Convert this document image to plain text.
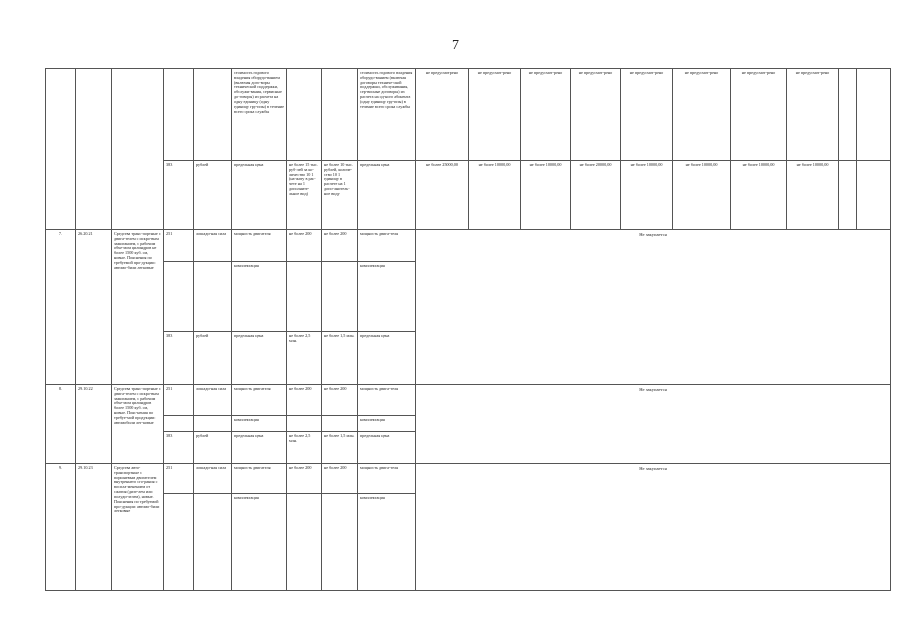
7
					стоимость годового владения оборудо-ванием (включая дого-воры технической поддержки, обслужи-вания, сервисные до-говоры) из расчета на одну единицу (одну единицу гру-ппы) в течение всего срока службы			стоимость годового владения оборудо-ванием (включая договоры техниче-ской поддержки, обслуживания, сер-висные договоры) из расчета на од-ного абонента (одну единицу гру-ппы) в течение всего срока службы	не предусмотрено	не предусмот-рено	не предусмот-рено	не предусмот-рено	не предусмот-рено	не предусмот-рено	не предусмот-рено	не предусмот-рено		
			383	рублей	предельная цена	не более 15 тыс. руб-лей за ко-личество 10 1 (на-жату в рас-чете на 1 дополните-льное вид)	не более 10 тыс. рублей, количе-ство 10 1 единицу в расчете на 1 допо-лнитель-ное виду	предельная цена	не более 25000,00	не более 10000,00	не более 10000,00	не более 20000,00	не более 10000,00	не более 10000,00	не более 10000,00	не более 10000,00		
7.	26.20.21	Средства транс-портные с двига-телем с искро-вым зажиганием, с рабочим объе-мом цилиндров не более 1500 куб. см, новые. Пояснения по требуемой про-дукции: автомо-били легковые	251	лошади-ная сила	мощность двигателя	не более 200	не более 200	мощность двига-теля	Не закупается									
					комплектация			комплектация										
			383	рублей	предельная цена	не более 2,5 млн.	не более 1,5 млн.	предельная цена										
8.	29.10.22	Средства транс-портные с двига-телем с искро-вым зажиганием, с рабочим объе-мом цилиндров более 1500 куб. см, новые. Пояс-нения по требуе-мой продукции: автомобили лег-ковые	251	лошади-ная сила	мощность двигателя	не более 200	не более 200	мощность двига-теля	Не закупается									
					комплектация			комплектация										
			383	рублей	предельная цена	не более 2,5 млн.	не более 1,5 млн.	предельная цена										
9.	29.10.23	Средства авто-транспортные с поршневым двигателем внутреннего сго-рания с воспла-менением от сжатия (дизе-лем или полуди-зелем), новые. Пояснения по требуемой про-дукции: автомо-били легковые	251	лошади-ная сила	мощность двигателя	не более 200	не более 200	мощность двига-теля	Не закупается									
					комплектация			комплектация										
